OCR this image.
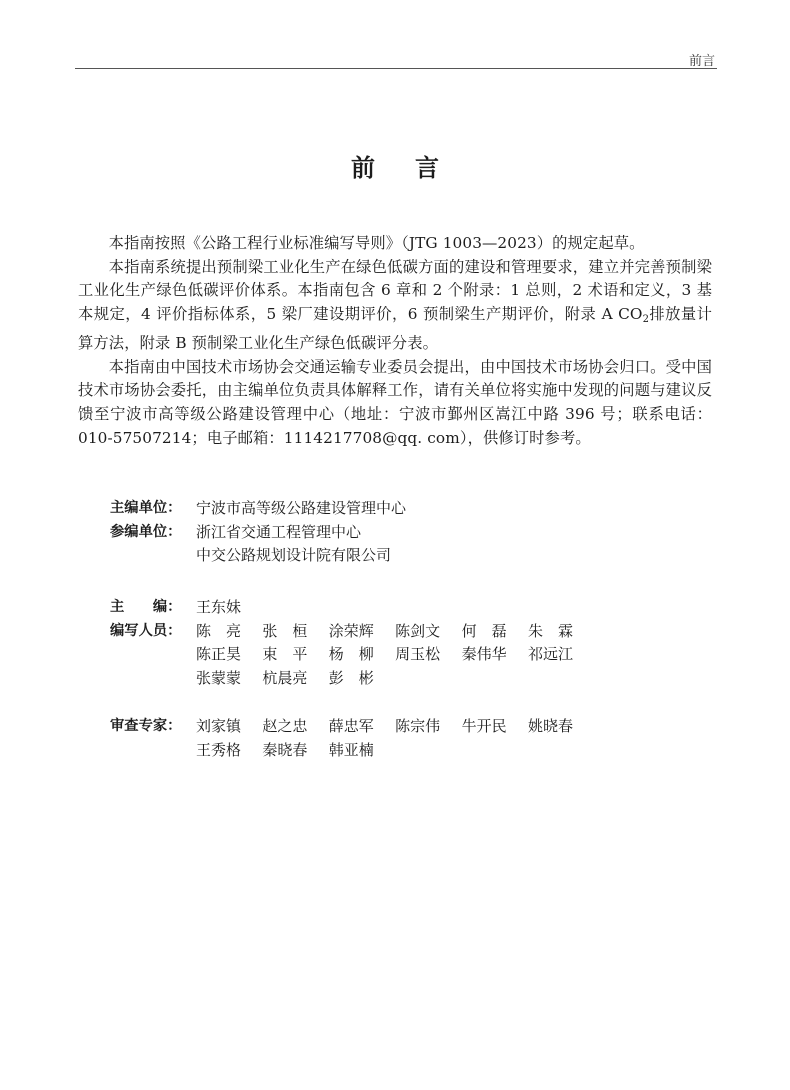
前言
前言

本指南按照《公路工程行业标准编写导则》（JTG 1003—2023）的规定起草。

本指南系统提出预制梁工业化生产在绿色低碳方面的建设和管理要求，建立并完善预制梁工业化生产绿色低碳评价体系。本指南包含 6 章和 2 个附录：1 总则，2 术语和定义，3 基本规定，4 评价指标体系，5 梁厂建设期评价，6 预制梁生产期评价，附录 A $CO_2$排放量计算方法，附录 B 预制梁工业化生产绿色低碳评分表。

本指南由中国技术市场协会交通运输专业委员会提出，由中国技术市场协会归口。受中国技术市场协会委托，由主编单位负责具体解释工作，请有关单位将实施中发现的问题与建议反馈至宁波市高等级公路建设管理中心（地址：宁波市鄞州区嵩江中路 396 号；联系电话：010-57507214；电子邮箱：1114217708@qq. com），供修订时参考。

主编单位： 宁波市高等级公路建设管理中心
参编单位： 浙江省交通工程管理中心
中交公路规划设计院有限公司
主　　编： 王东妹
编写人员： 陈　亮	张　桓	涂荣辉	陈剑文	何　磊	朱　霖
陈正昊	束　平	杨　柳	周玉松	秦伟华	祁远江
张蒙蒙	杭晨亮	彭　彬
审查专家： 刘家镇	赵之忠	薛忠军	陈宗伟	牛开民	姚晓春
王秀格	秦晓春	韩亚楠
